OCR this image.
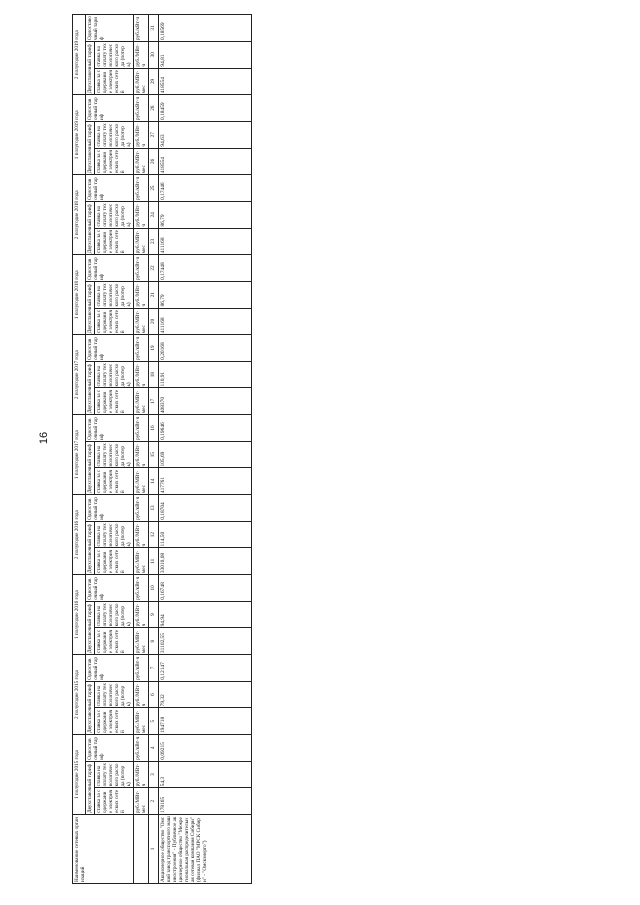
16
Наименование сетевых организаций	1 полугодие 2015 года			2 полугодие 2015 года			1 полугодие 2016 года			2 полугодие 2016 года			1 полугодие 2017 года			2 полугодие 2017 года			1 полугодие 2018 года			2 полугодие 2018 года			1 полугодие 2019 года			2 полугодие 2019 года		
	Двухставочный тариф		Одноставочный тариф	Двухставочный тариф		Одноставочный тариф	Двухставочный тариф		Одноставочный тариф	Двухставочный тариф		Одноставочный тариф	Двухставочный тариф		Одноставочный тариф	Двухставочный тариф		Одноставочный тариф	Двухставочный тариф		Одноставочный тариф	Двухставочный тариф		Одноставочный тариф	Двухставочный тариф		Одноставочный тариф	Двухставочный тариф		Одноставочный тариф
	ставка за содержание электрических сетей	ставка на оплату технологического расхода (потерь)		ставка за содержание электрических сетей	ставка на оплату технологического расхода (потерь)		ставка за содержание электрических сетей	ставка на оплату технологического расхода (потерь)		ставка за содержание электрических сетей	ставка на оплату технологического расхода (потерь)		ставка за содержание электрических сетей	ставка на оплату технологического расхода (потерь)		ставка за содержание электрических сетей	ставка на оплату технологического расхода (потерь)		ставка за содержание электрических сетей	ставка на оплату технологического расхода (потерь)		ставка за содержание электрических сетей	ставка на оплату технологического расхода (потерь)		ставка за содержание электрических сетей	ставка на оплату технологического расхода (потерь)		ставка за содержание электрических сетей	ставка на оплату технологического расхода (потерь)	
	руб./МВт·мес	руб./МВт·ч	руб./кВт·ч	руб./МВт·мес	руб./МВт·ч	руб./кВт·ч	руб./МВт·мес	руб./МВт·ч	руб./кВт·ч	руб./МВт·мес	руб./МВт·ч	руб./кВт·ч	руб./МВт·мес	руб./МВт·ч	руб./кВт·ч	руб./МВт·мес	руб./МВт·ч	руб./кВт·ч	руб./МВт·мес	руб./МВт·ч	руб./кВт·ч	руб./МВт·мес	руб./МВт·ч	руб./кВт·ч	руб./МВт·мес	руб./МВт·ч	руб./кВт·ч	руб./МВт·мес	руб./МВт·ч	руб./кВт·ч
1	2	3	4	5	6	7	8	9	10	11	12	13	14	15	16	17	18	19	20	21	22	23	24	25	26	27	28	29	30	31
Акционерное общество "Омский завод транспортного машиностроения" - Публичное акционерное общество "Межрегиональная распределительная сетевая компания Сибири" (филиал ПАО "МРСК Сибири" - "Омскэнерго")	178165	54,3	0,09215	194718	79,32	0,12147	31102,55	94,94	0,16748	33010,08	114,50	0,18704	417761	105,69	0,19646	408370	110,91	0,20168	411168	86,79	0,17448	411168	86,79	0,17446	418554	94,63	0,18459	418554	94,81	0,18569
